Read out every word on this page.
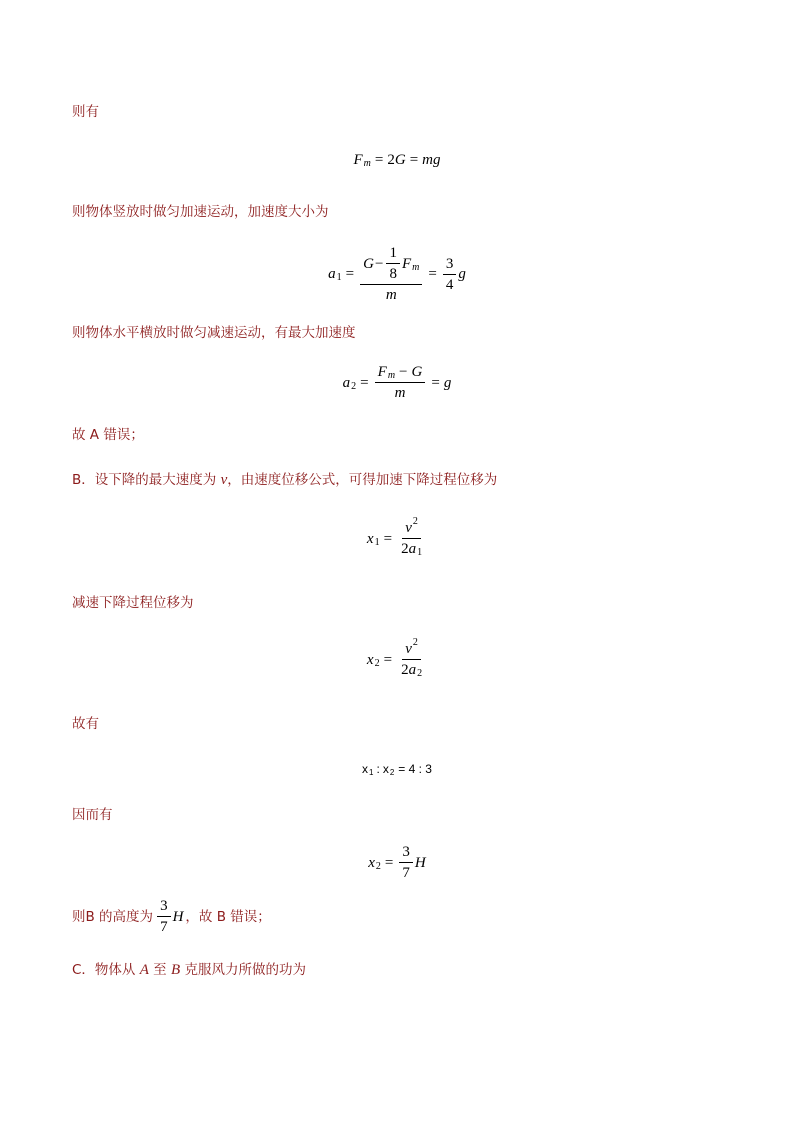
则有
F m = 2 G = mg
则物体竖放时做匀加速运动，加速度大小为
a 1 =
$G - \frac{1}{8}$ F m
m
= $\frac{3}{4}$ g
则物体水平横放时做匀减速运动，有最大加速度
a $2 = \frac{\text{F m − G}}{m} = g$
故 A 错误；
B．设下降的最大速度为 v，由速度位移公式，可得加速下降过程位移为
x $1 = \frac{v 2}{2 a 1}$
减速下降过程位移为
x $2 = \frac{v 2}{2 a 2}$
故有
x 1 : x 2 = 4 : 3
因而有
x $2 = \frac{3}{7}$ H
则B 的高度为 $\frac{3}{7}$ H ，故 B 错误；
C．物体从 A 至 B 克服风力所做的功为
